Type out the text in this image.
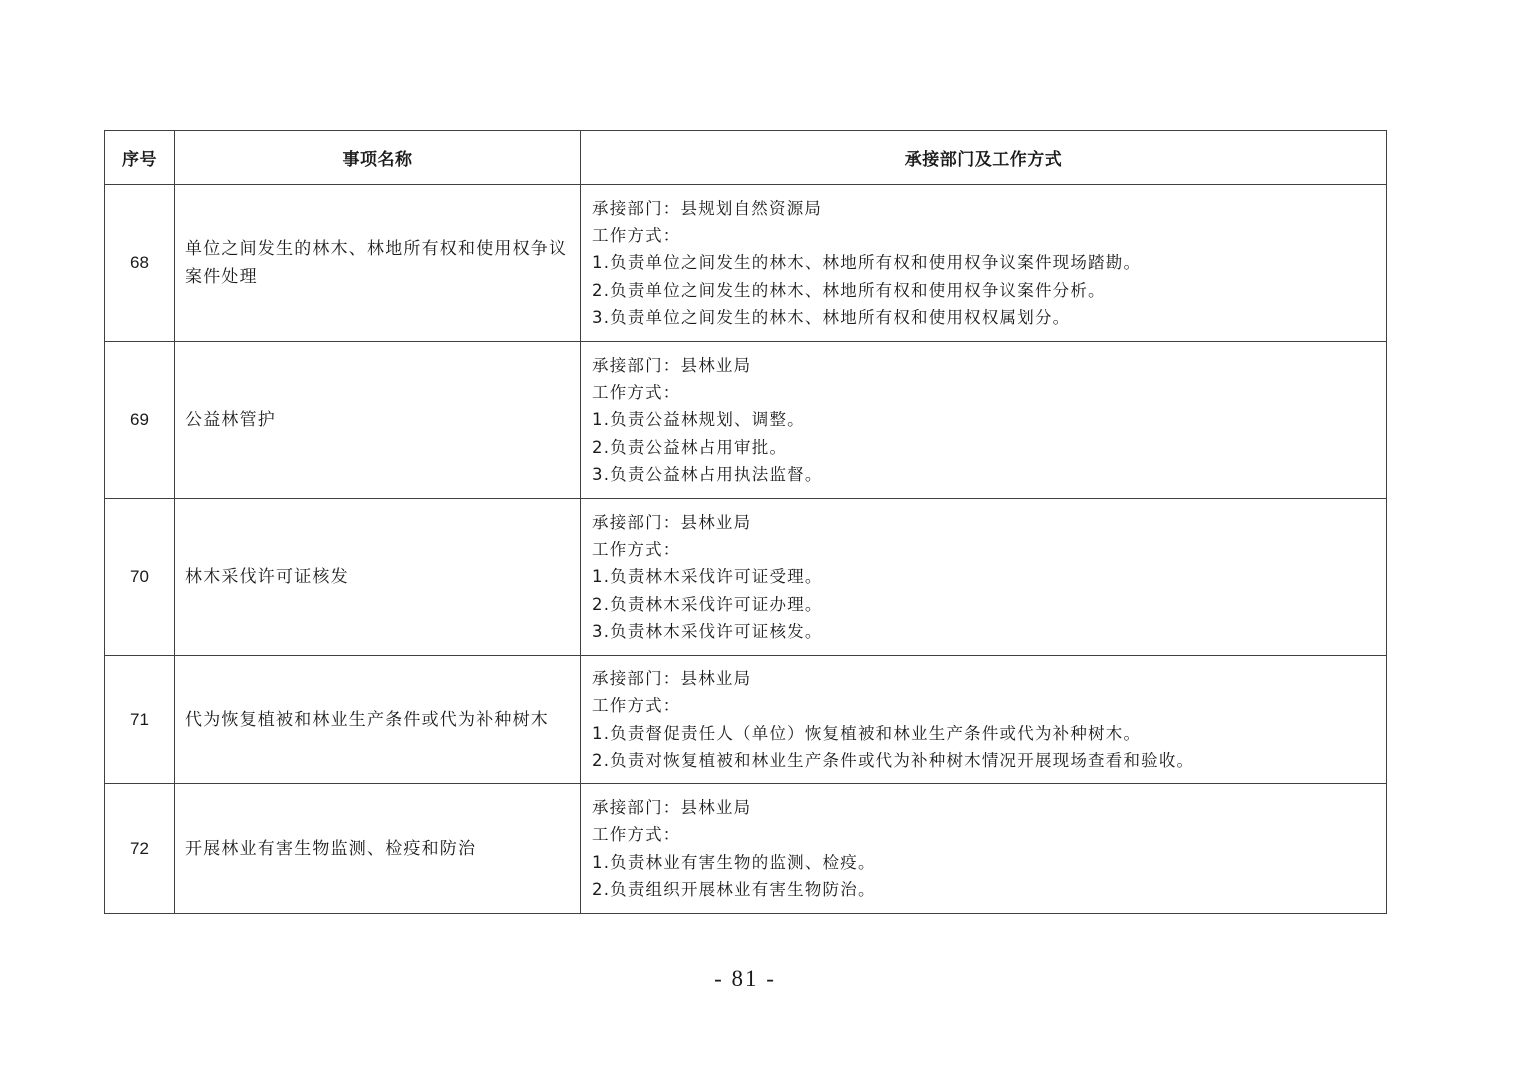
序号	事项名称	承接部门及工作方式
68	单位之间发生的林木、林地所有权和使用权争议案件处理	承接部门：县规划自然资源局
工作方式：
1.负责单位之间发生的林木、林地所有权和使用权争议案件现场踏勘。
2.负责单位之间发生的林木、林地所有权和使用权争议案件分析。
3.负责单位之间发生的林木、林地所有权和使用权权属划分。

69	公益林管护	承接部门：县林业局
工作方式：
1.负责公益林规划、调整。
2.负责公益林占用审批。
3.负责公益林占用执法监督。

70	林木采伐许可证核发	承接部门：县林业局
工作方式：
1.负责林木采伐许可证受理。
2.负责林木采伐许可证办理。
3.负责林木采伐许可证核发。

71	代为恢复植被和林业生产条件或代为补种树木	承接部门：县林业局
工作方式：
1.负责督促责任人（单位）恢复植被和林业生产条件或代为补种树木。
2.负责对恢复植被和林业生产条件或代为补种树木情况开展现场查看和验收。

72	开展林业有害生物监测、检疫和防治	承接部门：县林业局
工作方式：
1.负责林业有害生物的监测、检疫。
2.负责组织开展林业有害生物防治。
- 81 -
